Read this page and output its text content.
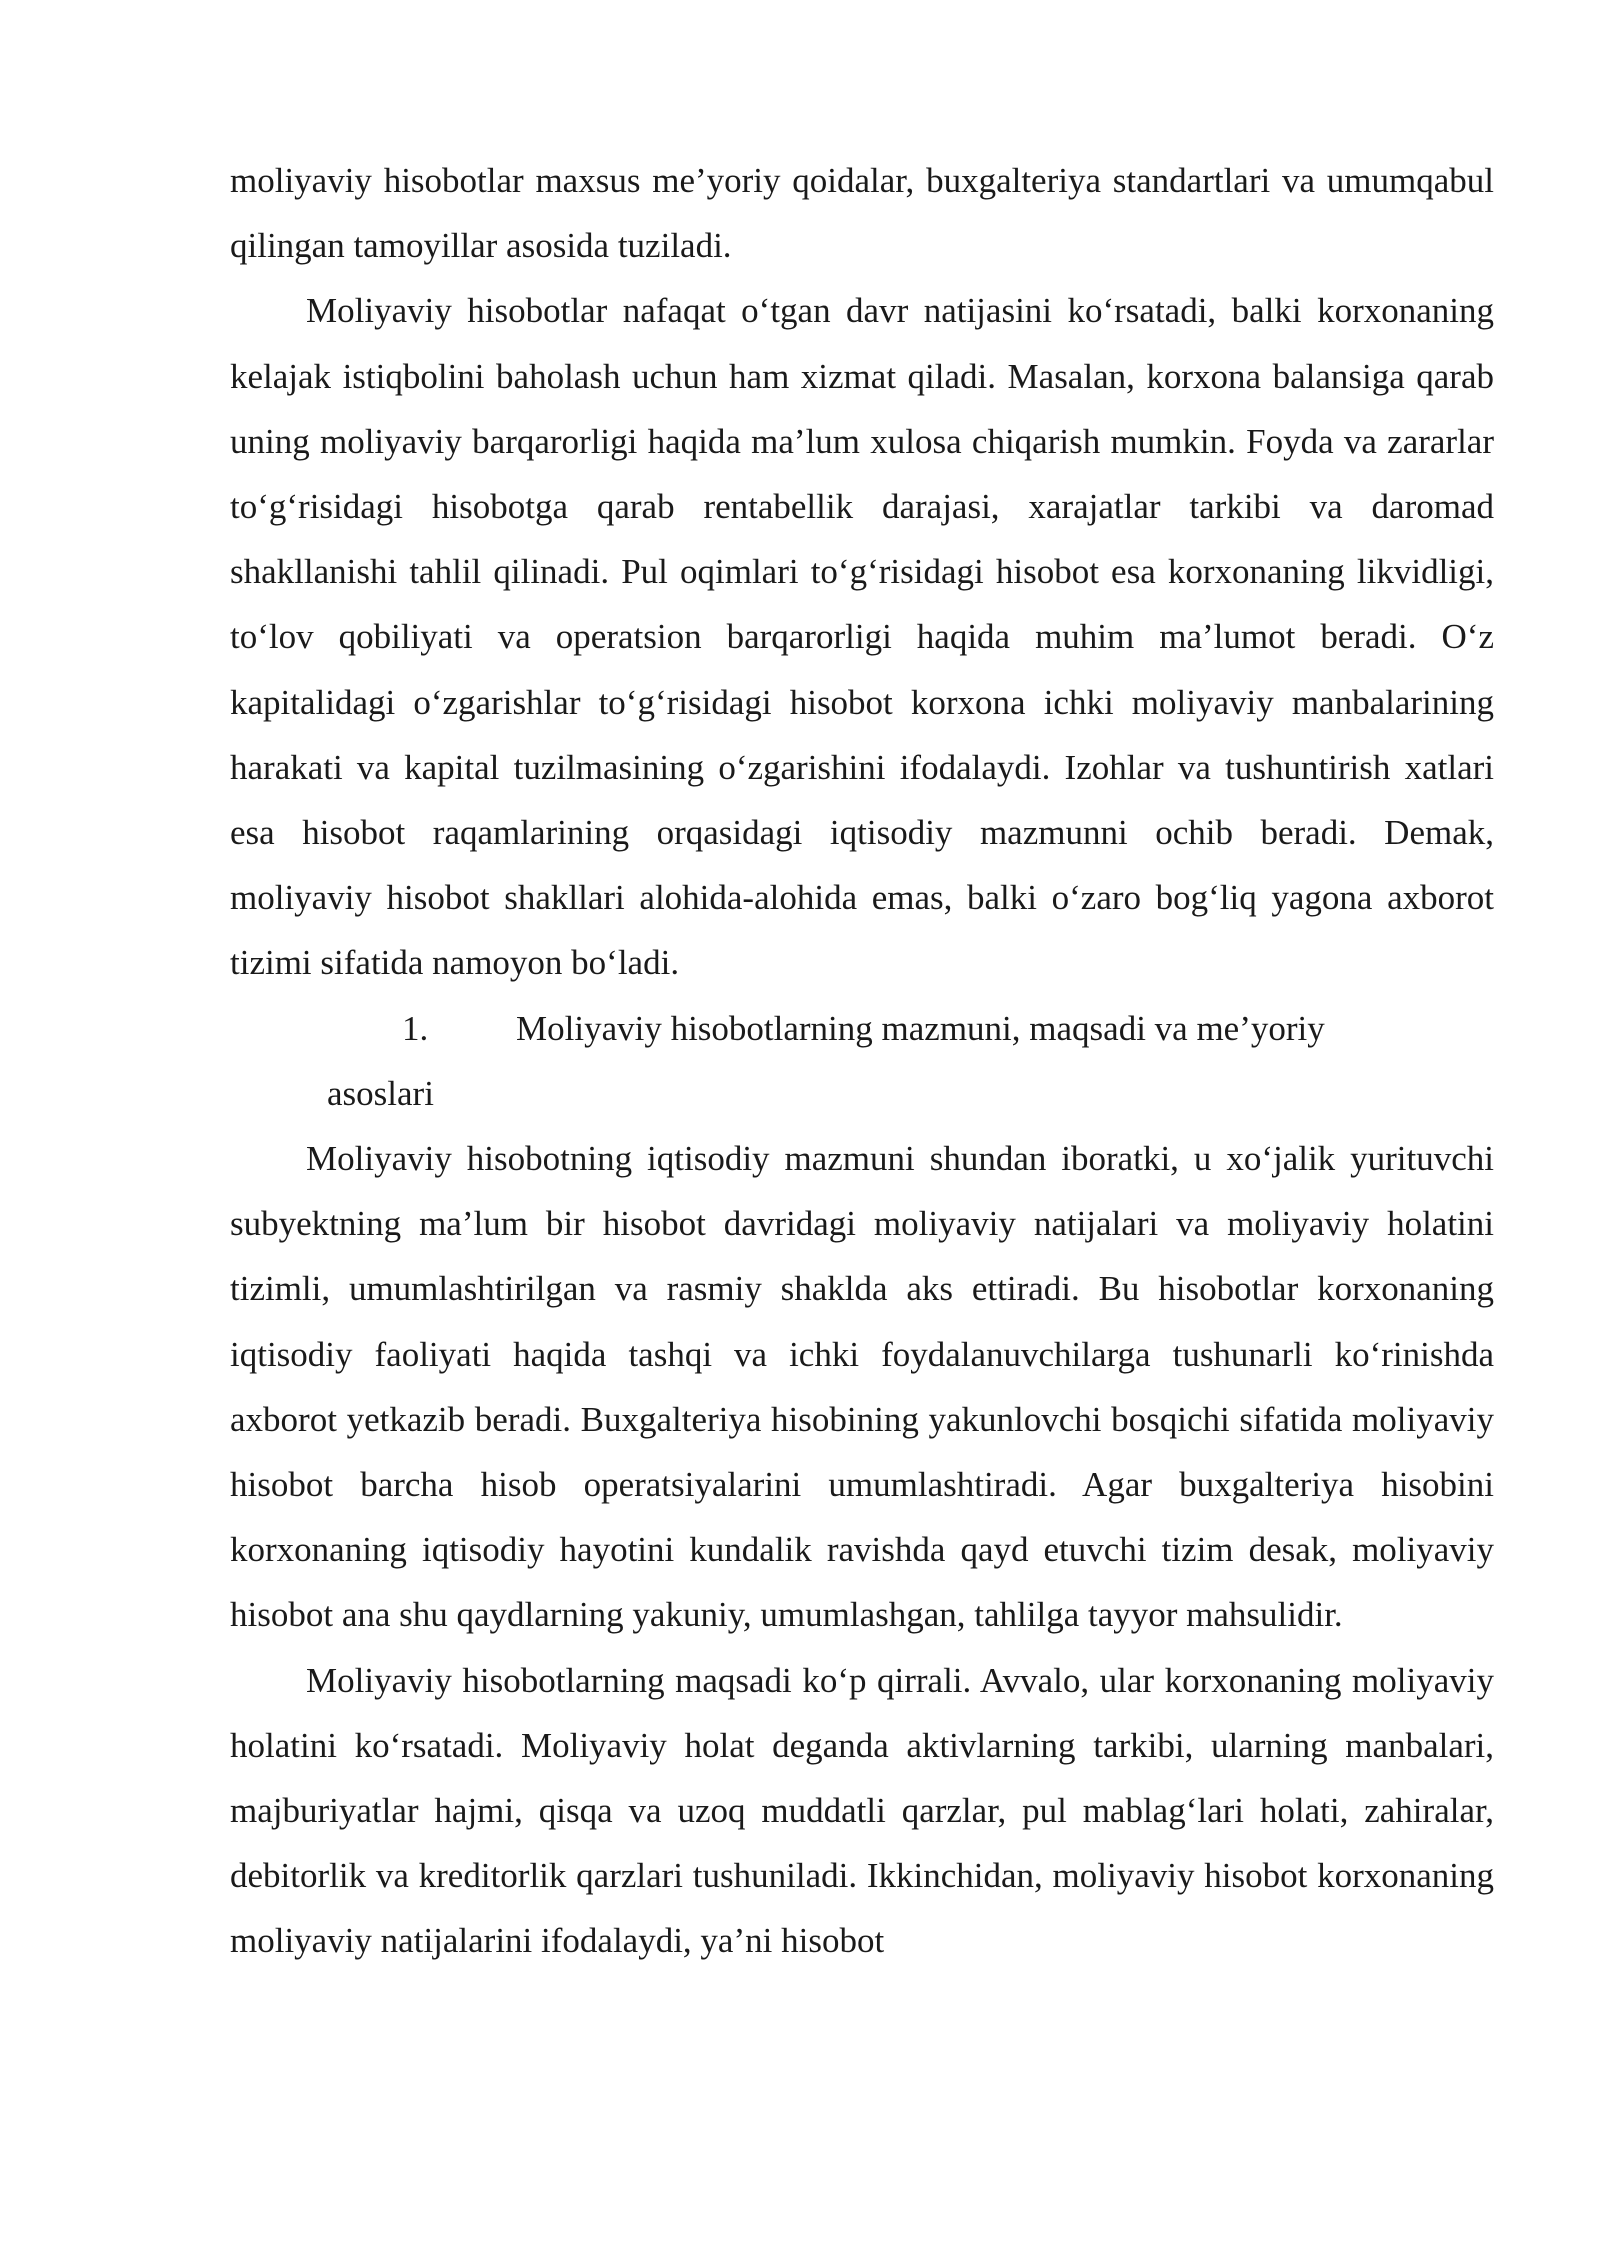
moliyaviy hisobotlar maxsus me’yoriy qoidalar, buxgalteriya standartlari va umumqabul qilingan tamoyillar asosida tuziladi.

Moliyaviy hisobotlar nafaqat o‘tgan davr natijasini ko‘rsatadi, balki korxonaning kelajak istiqbolini baholash uchun ham xizmat qiladi. Masalan, korxona balansiga qarab uning moliyaviy barqarorligi haqida ma’lum xulosa chiqarish mumkin. Foyda va zararlar to‘g‘risidagi hisobotga qarab rentabellik darajasi, xarajatlar tarkibi va daromad shakllanishi tahlil qilinadi. Pul oqimlari to‘g‘risidagi hisobot esa korxonaning likvidligi, to‘lov qobiliyati va operatsion barqarorligi haqida muhim ma’lumot beradi. O‘z kapitalidagi o‘zgarishlar to‘g‘risidagi hisobot korxona ichki moliyaviy manbalarining harakati va kapital tuzilmasining o‘zgarishini ifodalaydi. Izohlar va tushuntirish xatlari esa hisobot raqamlarining orqasidagi iqtisodiy mazmunni ochib beradi. Demak, moliyaviy hisobot shakllari alohida-alohida emas, balki o‘zaro bog‘liq yagona axborot tizimi sifatida namoyon bo‘ladi.

1.	Moliyaviy hisobotlarning mazmuni, maqsadi va me’yoriy

asoslari

Moliyaviy hisobotning iqtisodiy mazmuni shundan iboratki, u xo‘jalik yurituvchi subyektning ma’lum bir hisobot davridagi moliyaviy natijalari va moliyaviy holatini tizimli, umumlashtirilgan va rasmiy shaklda aks ettiradi. Bu hisobotlar korxonaning iqtisodiy faoliyati haqida tashqi va ichki foydalanuvchilarga tushunarli ko‘rinishda axborot yetkazib beradi. Buxgalteriya hisobining yakunlovchi bosqichi sifatida moliyaviy hisobot barcha hisob operatsiyalarini umumlashtiradi. Agar buxgalteriya hisobini korxonaning iqtisodiy hayotini kundalik ravishda qayd etuvchi tizim desak, moliyaviy hisobot ana shu qaydlarning yakuniy, umumlashgan, tahlilga tayyor mahsulidir.

Moliyaviy hisobotlarning maqsadi ko‘p qirrali. Avvalo, ular korxonaning moliyaviy holatini ko‘rsatadi. Moliyaviy holat deganda aktivlarning tarkibi, ularning manbalari, majburiyatlar hajmi, qisqa va uzoq muddatli qarzlar, pul mablag‘lari holati, zahiralar, debitorlik va kreditorlik qarzlari tushuniladi. Ikkinchidan, moliyaviy hisobot korxonaning moliyaviy natijalarini ifodalaydi, ya’ni hisobot
